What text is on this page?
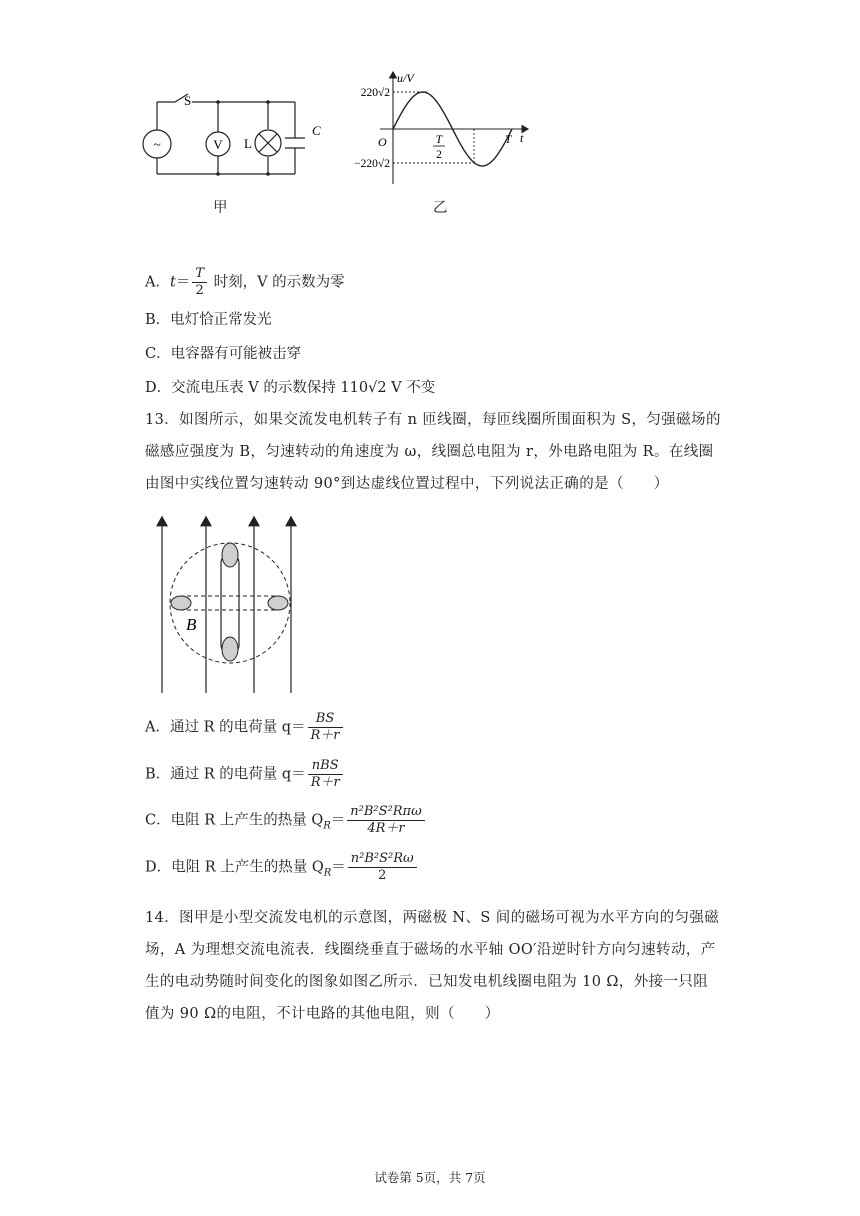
~	V
S
L
C
甲
u/V
t
O
220√2
−220√2
T
2
T
乙
A．$t= \frac{T}{2}$ 时刻，V 的示数为零
B．电灯恰正常发光
C．电容器有可能被击穿
D．交流电压表 V 的示数保持 110√2 V 不变
13．如图所示，如果交流发电机转子有 n 匝线圈，每匝线圈所围面积为 S，匀强磁场的
磁感应强度为 B，匀速转动的角速度为 ω，线圈总电阻为 r，外电路电阻为 R。在线圈
由图中实线位置匀速转动 90°到达虚线位置过程中，下列说法正确的是（　　）
B
A．通过 R 的电荷量 $q= \frac{BS}{R+r}$
B．通过 R 的电荷量 $q= \frac{\text{nBS}}{R+r}$
C．电阻 R 上产生的热量 $Q_R= \frac{\text{n²B²S²Rπω}}{4R+r}$
D．电阻 R 上产生的热量 $Q_R= \frac{\text{n²B²S²Rω}}{2}$
14．图甲是小型交流发电机的示意图，两磁极 N、S 间的磁场可视为水平方向的匀强磁
场，A 为理想交流电流表．线圈绕垂直于磁场的水平轴 OO′沿逆时针方向匀速转动，产
生的电动势随时间变化的图象如图乙所示．已知发电机线圈电阻为 10 Ω，外接一只阻
值为 90 Ω的电阻，不计电路的其他电阻，则（　　）
试卷第 5页，共 7页
